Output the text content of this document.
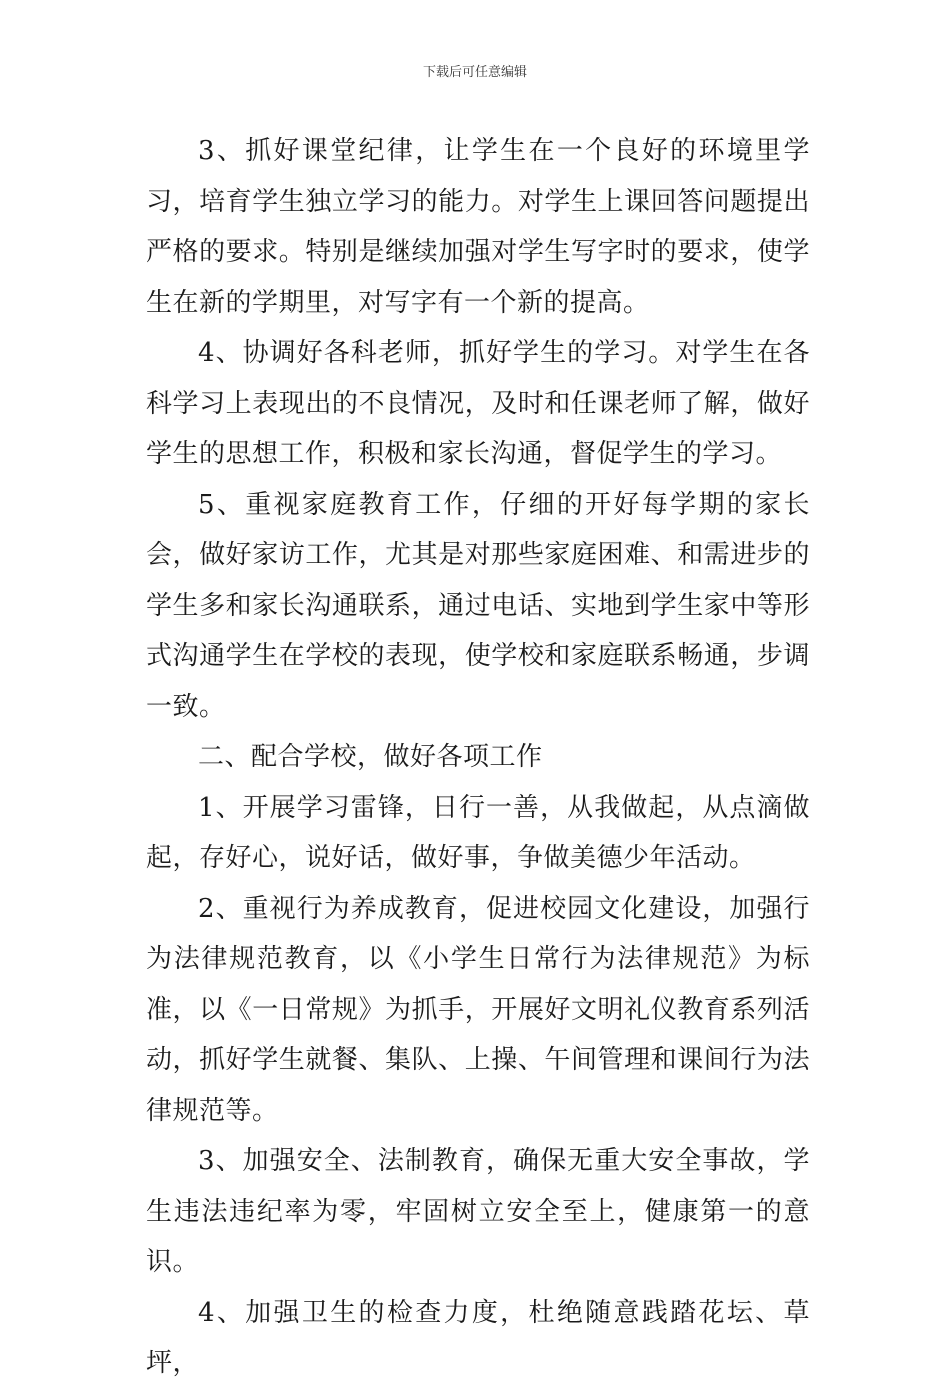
下载后可任意编辑

3、抓好课堂纪律，让学生在一个良好的环境里学习，培育学生独立学习的能力。对学生上课回答问题提出严格的要求。特别是继续加强对学生写字时的要求，使学生在新的学期里，对写字有一个新的提高。

4、协调好各科老师，抓好学生的学习。对学生在各科学习上表现出的不良情况，及时和任课老师了解，做好学生的思想工作，积极和家长沟通，督促学生的学习。

5、重视家庭教育工作，仔细的开好每学期的家长会，做好家访工作，尤其是对那些家庭困难、和需进步的学生多和家长沟通联系，通过电话、实地到学生家中等形式沟通学生在学校的表现，使学校和家庭联系畅通，步调一致。

二、配合学校，做好各项工作

1、开展学习雷锋，日行一善，从我做起，从点滴做起，存好心，说好话，做好事，争做美德少年活动。

2、重视行为养成教育，促进校园文化建设，加强行为法律规范教育，以《小学生日常行为法律规范》为标准，以《一日常规》为抓手，开展好文明礼仪教育系列活动，抓好学生就餐、集队、上操、午间管理和课间行为法律规范等。

3、加强安全、法制教育，确保无重大安全事故，学生违法违纪率为零，牢固树立安全至上，健康第一的意识。

4、加强卫生的检查力度，杜绝随意践踏花坛、草坪，
